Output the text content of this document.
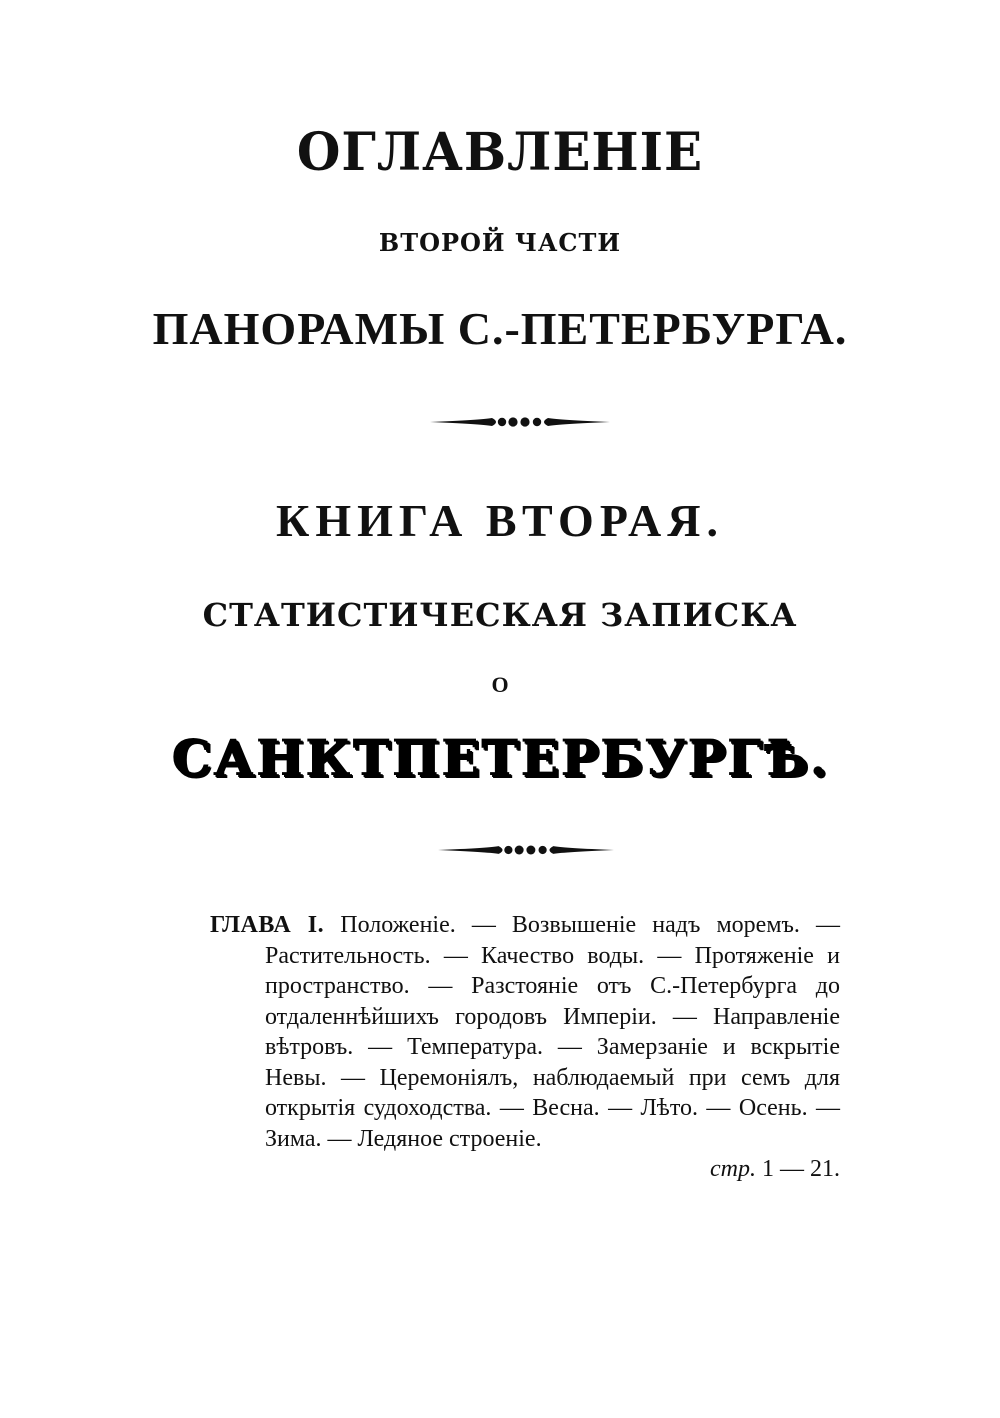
ОГЛАВЛЕНІЕ
ВТОРОЙ ЧАСТИ
ПАНОРАМЫ С.-ПЕТЕРБУРГА.
КНИГА ВТОРАЯ.
СТАТИСТИЧЕСКАЯ ЗАПИСКА
О
САНКТПЕТЕРБУРГѢ.
ГЛАВА I. Положеніе. — Возвышеніе надъ моремъ. — Растительность. — Качество воды. — Протяженіе и пространство. — Разстояніе отъ С.-Петербурга до отдаленнѣйшихъ городовъ Имперіи. — Направленіе вѣтровъ. — Температура. — Замерзаніе и вскрытіе Невы. — Церемоніялъ, наблюдаемый при семъ для открытія судоходства. — Весна. — Лѣто. — Осень. — Зима. — Ледяное строеніе.
стр. 1 — 21.
